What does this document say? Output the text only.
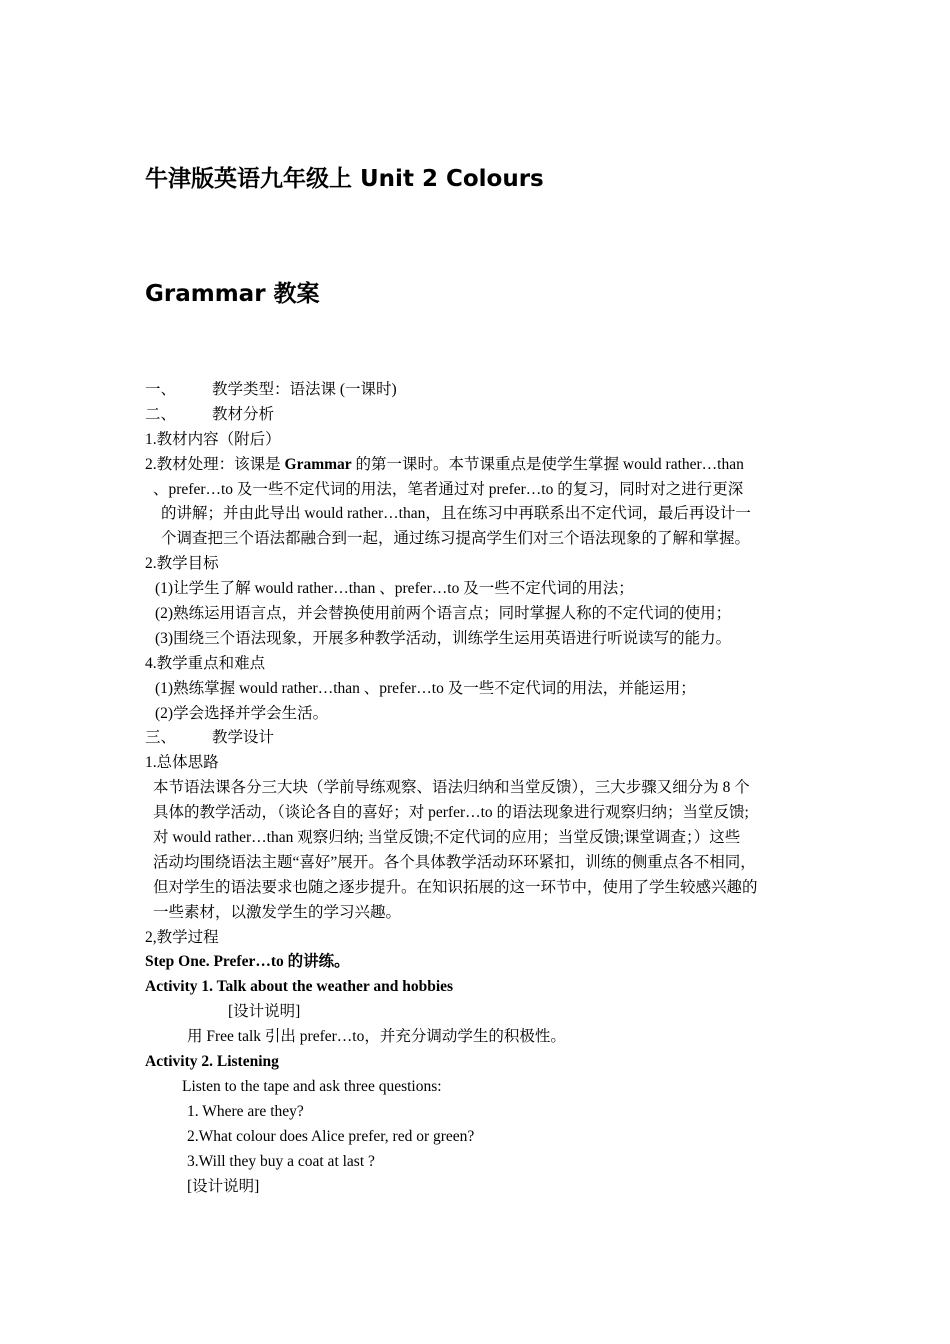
牛津版英语九年级上 Unit 2 Colours
Grammar 教案
一、 教学类型：语法课 (一课时)
二、 教材分析
1.教材内容（附后）
2.教材处理：该课是 Grammar 的第一课时。本节课重点是使学生掌握 would rather…than
、prefer…to 及一些不定代词的用法，笔者通过对 prefer…to 的复习，同时对之进行更深
的讲解；并由此导出 would rather…than，且在练习中再联系出不定代词，最后再设计一
个调查把三个语法都融合到一起，通过练习提高学生们对三个语法现象的了解和掌握。
2.教学目标
(1)让学生了解 would rather…than 、prefer…to 及一些不定代词的用法；
(2)熟练运用语言点，并会替换使用前两个语言点；同时掌握人称的不定代词的使用；
(3)围绕三个语法现象，开展多种教学活动，训练学生运用英语进行听说读写的能力。
4.教学重点和难点
(1)熟练掌握 would rather…than 、prefer…to 及一些不定代词的用法，并能运用；
(2)学会选择并学会生活。
三、 教学设计
1.总体思路
本节语法课各分三大块（学前导练观察、语法归纳和当堂反馈），三大步骤又细分为 8 个
具体的教学活动，（谈论各自的喜好；对 perfer…to 的语法现象进行观察归纳；当堂反馈;
对 would rather…than 观察归纳; 当堂反馈;不定代词的应用；当堂反馈;课堂调查；）这些
活动均围绕语法主题“喜好”展开。各个具体教学活动环环紧扣，训练的侧重点各不相同，
但对学生的语法要求也随之逐步提升。在知识拓展的这一环节中，使用了学生较感兴趣的
一些素材，以激发学生的学习兴趣。
2,教学过程
Step One. Prefer…to 的讲练。
Activity 1. Talk about the weather and hobbies
[设计说明]
用 Free talk 引出 prefer…to，并充分调动学生的积极性。
Activity 2. Listening
Listen to the tape and ask three questions:
1. Where are they?
2.What colour does Alice prefer, red or green?
3.Will they buy a coat at last ?
[设计说明]
